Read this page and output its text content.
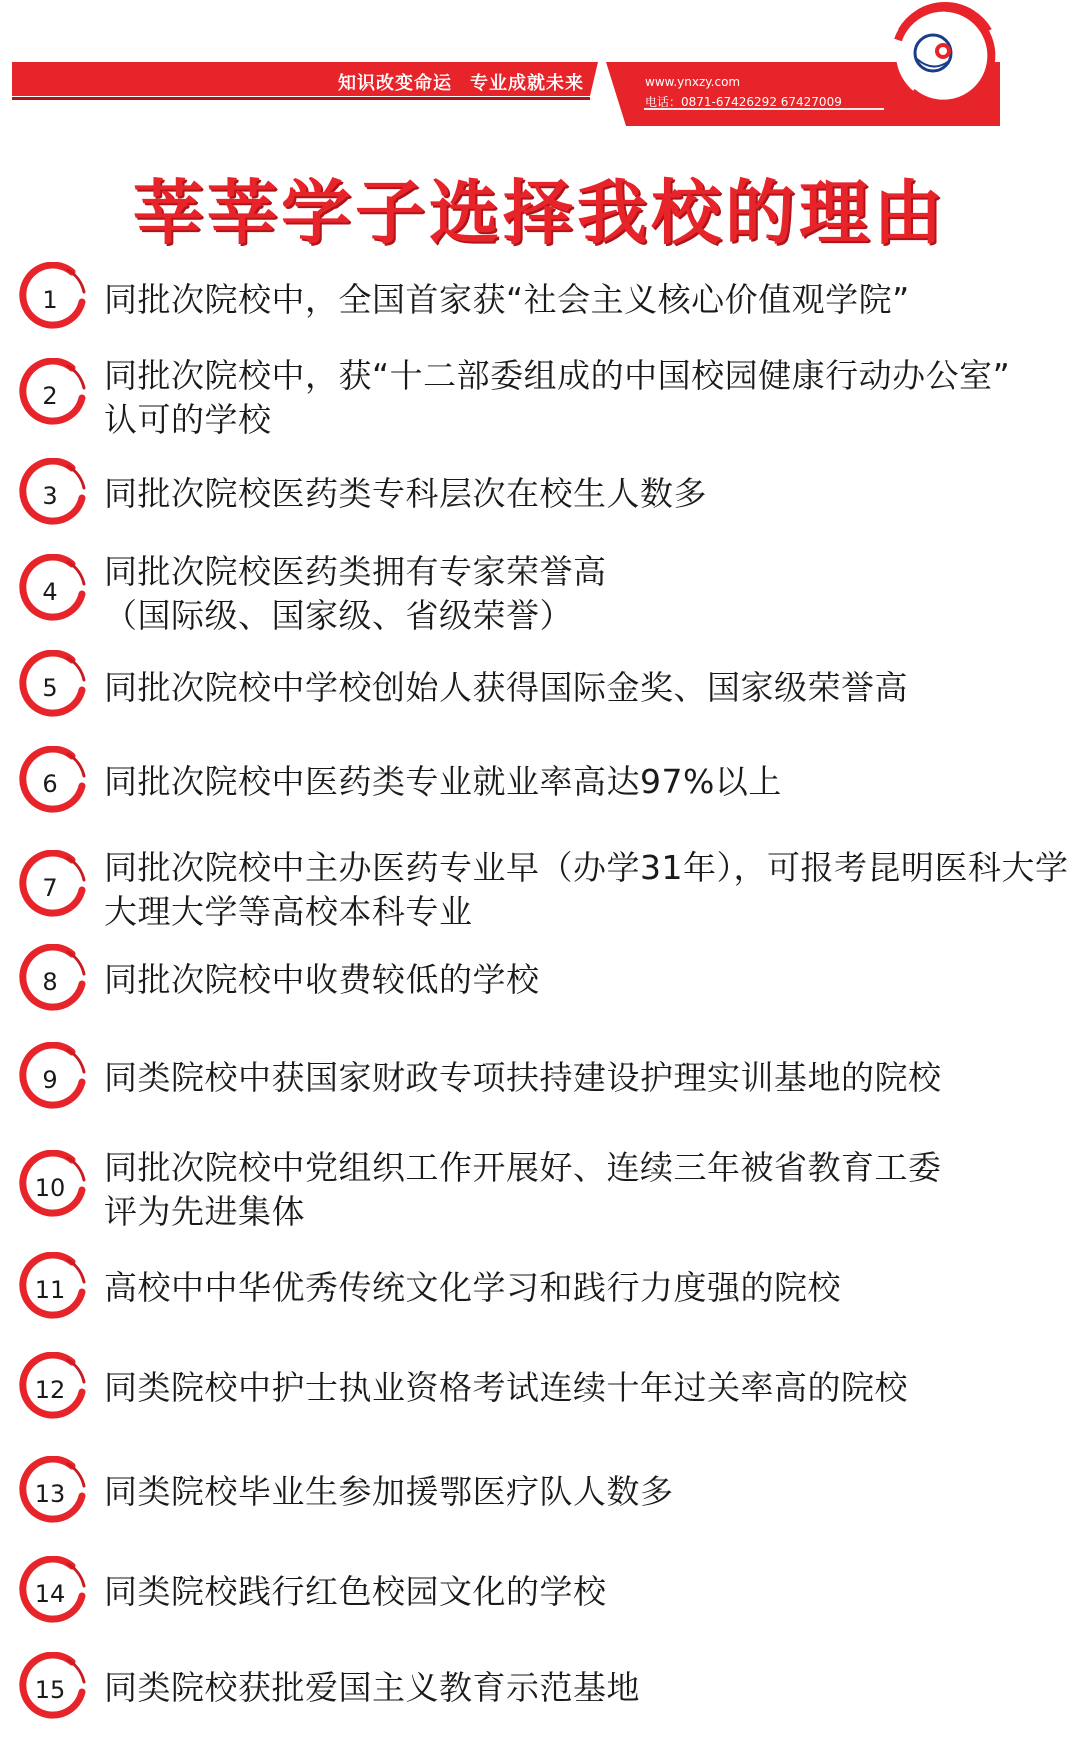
知识改变命运 专业成就未来	www.ynxzy.com
电话：0871-67426292 67427009
莘莘学子选择我校的理由
1	同批次院校中，全国首家获“社会主义核心价值观学院”
2
同批次院校中，获“十二部委组成的中国校园健康行动办公室”
认可的学校
3	同批次院校医药类专科层次在校生人数多
4
同批次院校医药类拥有专家荣誉高
（国际级、国家级、省级荣誉）
5	同批次院校中学校创始人获得国际金奖、国家级荣誉高
6	同批次院校中医药类专业就业率高达97%以上
7
同批次院校中主办医药专业早（办学31年），可报考昆明医科大学
大理大学等高校本科专业
8	同批次院校中收费较低的学校
9	同类院校中获国家财政专项扶持建设护理实训基地的院校
10
同批次院校中党组织工作开展好、连续三年被省教育工委
评为先进集体
11	高校中中华优秀传统文化学习和践行力度强的院校
12	同类院校中护士执业资格考试连续十年过关率高的院校
13	同类院校毕业生参加援鄂医疗队人数多
14	同类院校践行红色校园文化的学校
15	同类院校获批爱国主义教育示范基地
